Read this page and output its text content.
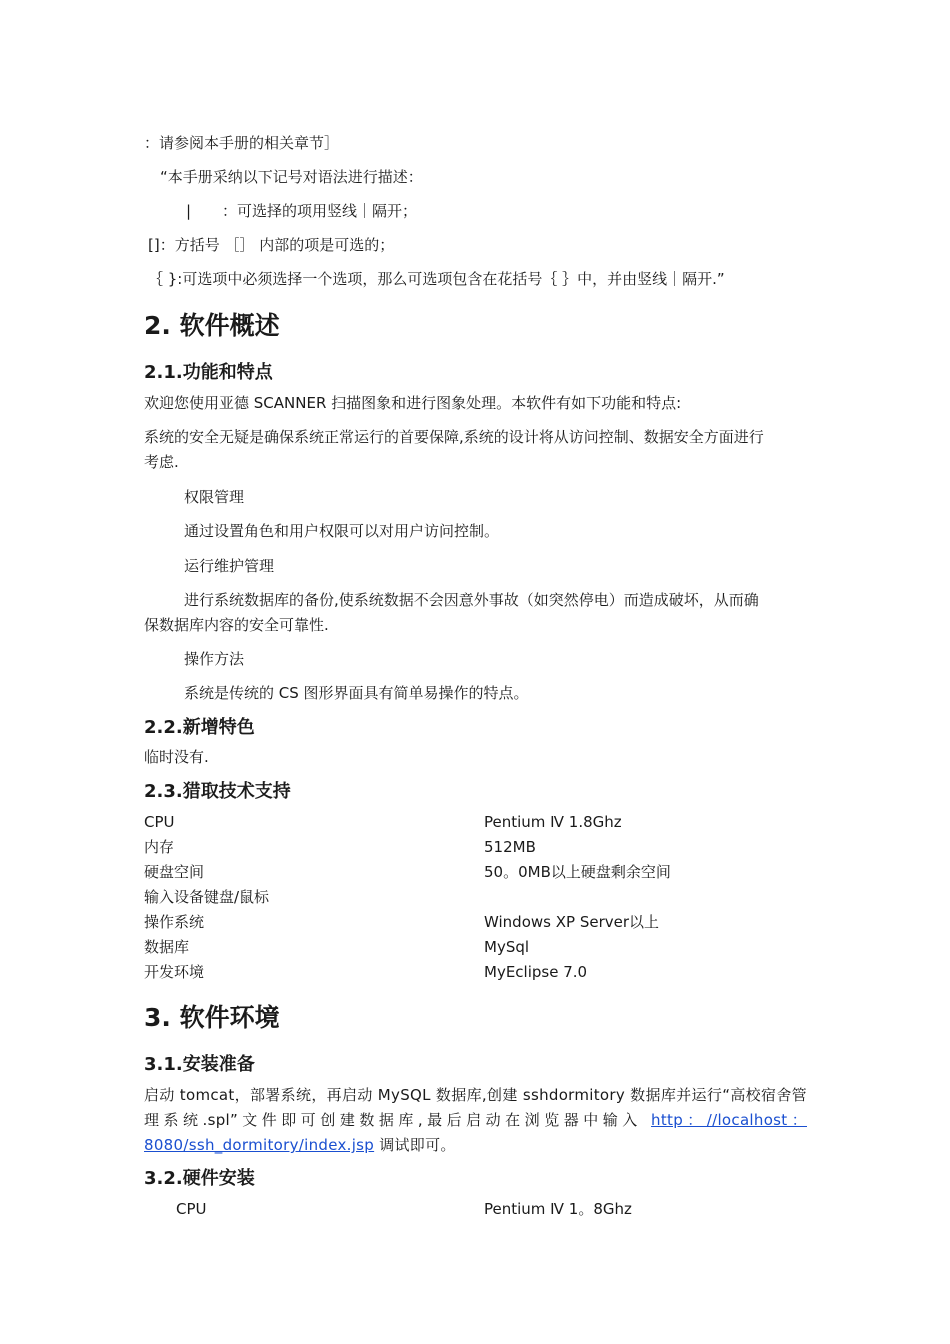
：请参阅本手册的相关章节］
“本手册采纳以下记号对语法进行描述：
| ：可选择的项用竖线｜隔开；
[]：方括号 ［］ 内部的项是可选的；
｛ }:可选项中必须选择一个选项，那么可选项包含在花括号｛ ｝中，并由竖线｜隔开.”
2. 软件概述
2.1.功能和特点
欢迎您使用亚德 SCANNER 扫描图象和进行图象处理。本软件有如下功能和特点:
系统的安全无疑是确保系统正常运行的首要保障,系统的设计将从访问控制、数据安全方面进行
考虑.
权限管理
通过设置角色和用户权限可以对用户访问控制。
运行维护管理
进行系统数据库的备份,使系统数据不会因意外事故（如突然停电）而造成破坏，从而确
保数据库内容的安全可靠性.
操作方法
系统是传统的 CS 图形界面具有简单易操作的特点。
2.2.新增特色
临时没有.
2.3.猎取技术支持
CPU	Pentium Ⅳ 1.8Ghz
内存	512MB
硬盘空间	50。0MB以上硬盘剩余空间
输入设备键盘/鼠标
操作系统	Windows XP Server以上
数据库	MySql
开发环境	MyEclipse 7.0
3. 软件环境
3.1.安装准备
启动 tomcat，部署系统，再启动 MySQL 数据库,创建 sshdormitory 数据库并运行“高校宿舍管理系统.spl”文件即可创建数据库,最后启动在浏览器中输入 http：//localhost：8080/ssh_dormitory/index.jsp 调试即可。
3.2.硬件安装
CPU	Pentium Ⅳ 1。8Ghz
